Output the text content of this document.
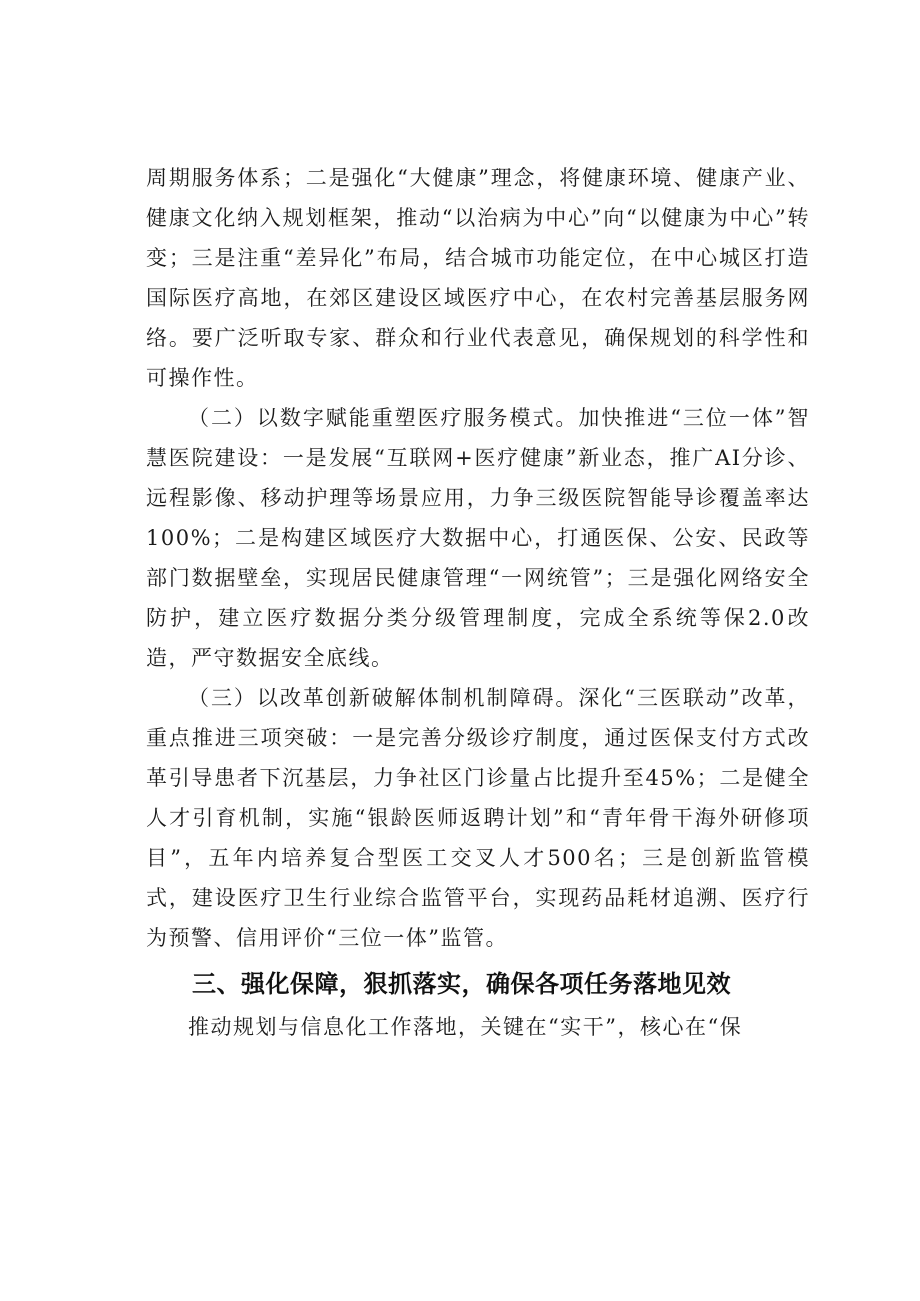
周期服务体系；二是强化“大健康”理念，将健康环境、健康产业、健康文化纳入规划框架，推动“以治病为中心”向“以健康为中心”转变；三是注重“差异化”布局，结合城市功能定位，在中心城区打造国际医疗高地，在郊区建设区域医疗中心，在农村完善基层服务网络。要广泛听取专家、群众和行业代表意见，确保规划的科学性和可操作性。

（二）以数字赋能重塑医疗服务模式。加快推进“三位一体”智慧医院建设：一是发展“互联网+医疗健康”新业态，推广AI分诊、远程影像、移动护理等场景应用，力争三级医院智能导诊覆盖率达100%；二是构建区域医疗大数据中心，打通医保、公安、民政等部门数据壁垒，实现居民健康管理“一网统管”；三是强化网络安全防护，建立医疗数据分类分级管理制度，完成全系统等保2.0改造，严守数据安全底线。

（三）以改革创新破解体制机制障碍。深化“三医联动”改革，重点推进三项突破：一是完善分级诊疗制度，通过医保支付方式改革引导患者下沉基层，力争社区门诊量占比提升至45%；二是健全人才引育机制，实施“银龄医师返聘计划”和“青年骨干海外研修项目”，五年内培养复合型医工交叉人才500名；三是创新监管模式，建设医疗卫生行业综合监管平台，实现药品耗材追溯、医疗行为预警、信用评价“三位一体”监管。

三、强化保障，狠抓落实，确保各项任务落地见效

推动规划与信息化工作落地，关键在“实干”，核心在“保
